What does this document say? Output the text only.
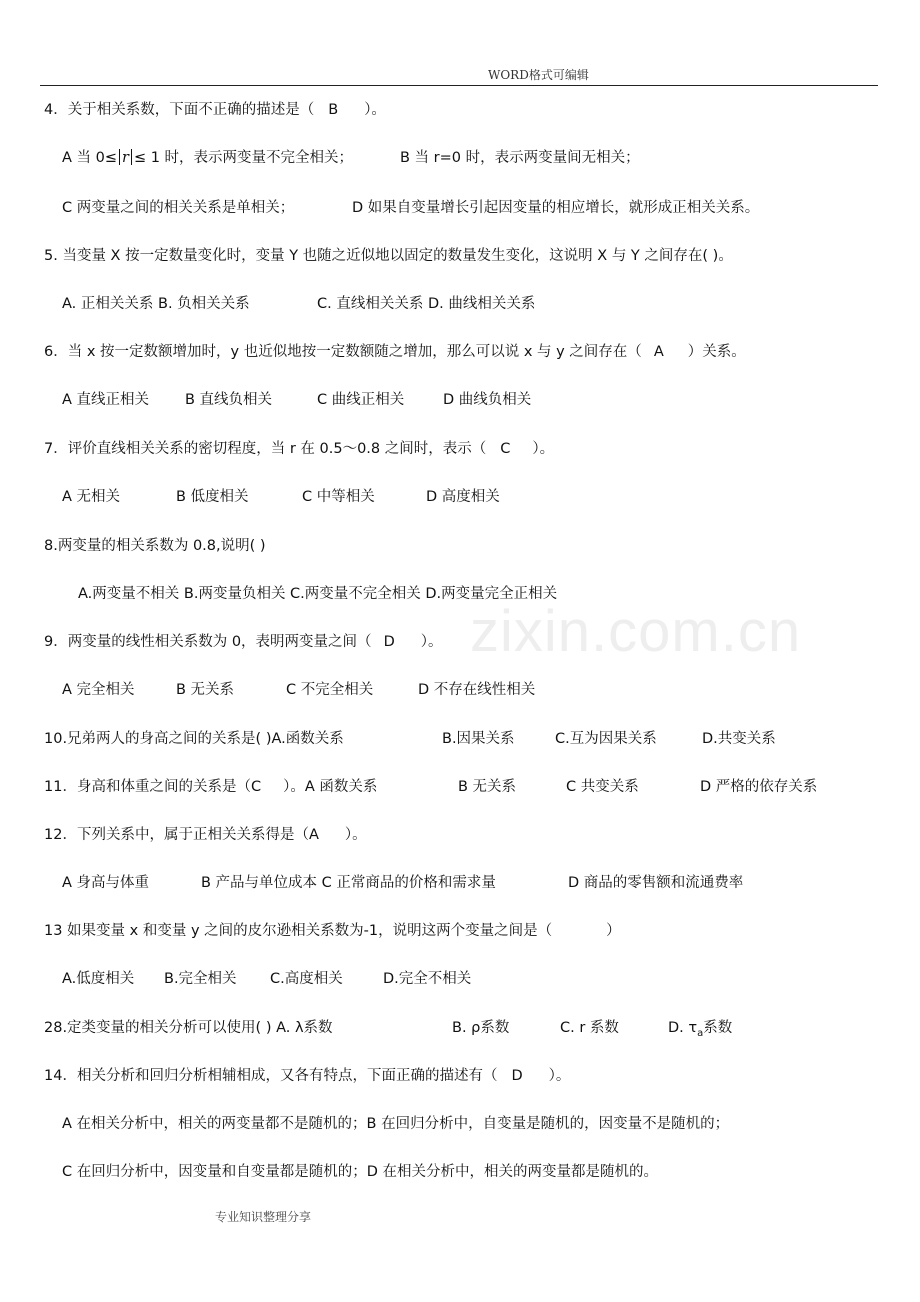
zixin.com.cn
WORD格式可编辑
4．关于相关系数，下面不正确的描述是（ B ）。
A 当 0≤ r ≤ 1 时，表示两变量不完全相关；	B 当 r=0 时，表示两变量间无相关；
C 两变量之间的相关关系是单相关；	D 如果自变量增长引起因变量的相应增长，就形成正相关关系。
5. 当变量 X 按一定数量变化时，变量 Y 也随之近似地以固定的数量发生变化，这说明 X 与 Y 之间存在( )。
A. 正相关关系 B. 负相关关系	C. 直线相关关系 D. 曲线相关关系
6．当 x 按一定数额增加时，y 也近似地按一定数额随之增加，那么可以说 x 与 y 之间存在（ A ）关系。
A 直线正相关 B 直线负相关	C 曲线正相关	D 曲线负相关
7．评价直线相关关系的密切程度，当 r 在 0.5～0.8 之间时，表示（ C ）。
A 无相关	B 低度相关	C 中等相关	D 高度相关
8.两变量的相关系数为 0.8,说明( )
A.两变量不相关 B.两变量负相关 C.两变量不完全相关 D.两变量完全正相关
9．两变量的线性相关系数为 0，表明两变量之间（ D ）。
A 完全相关	B 无关系	C 不完全相关	D 不存在线性相关
10.兄弟两人的身高之间的关系是( )A.函数关系	B.因果关系	C.互为因果关系	D.共变关系
11．身高和体重之间的关系是（C ）。A 函数关系	B 无关系	C 共变关系	D 严格的依存关系
12．下列关系中，属于正相关关系得是（A ）。
A 身高与体重	B 产品与单位成本 C 正常商品的价格和需求量	D 商品的零售额和流通费率
13 如果变量 x 和变量 y 之间的皮尔逊相关系数为-1，说明这两个变量之间是（	）
A.低度相关 B.完全相关 C.高度相关	D.完全不相关
28.定类变量的相关分析可以使用( ) A. λ系数	B. ρ系数	C. r 系数	D. $\tau_a$系数
14．相关分析和回归分析相辅相成，又各有特点，下面正确的描述有（ D ）。
A 在相关分析中，相关的两变量都不是随机的；B 在回归分析中，自变量是随机的，因变量不是随机的；
C 在回归分析中，因变量和自变量都是随机的；D 在相关分析中，相关的两变量都是随机的。
专业知识整理分享
